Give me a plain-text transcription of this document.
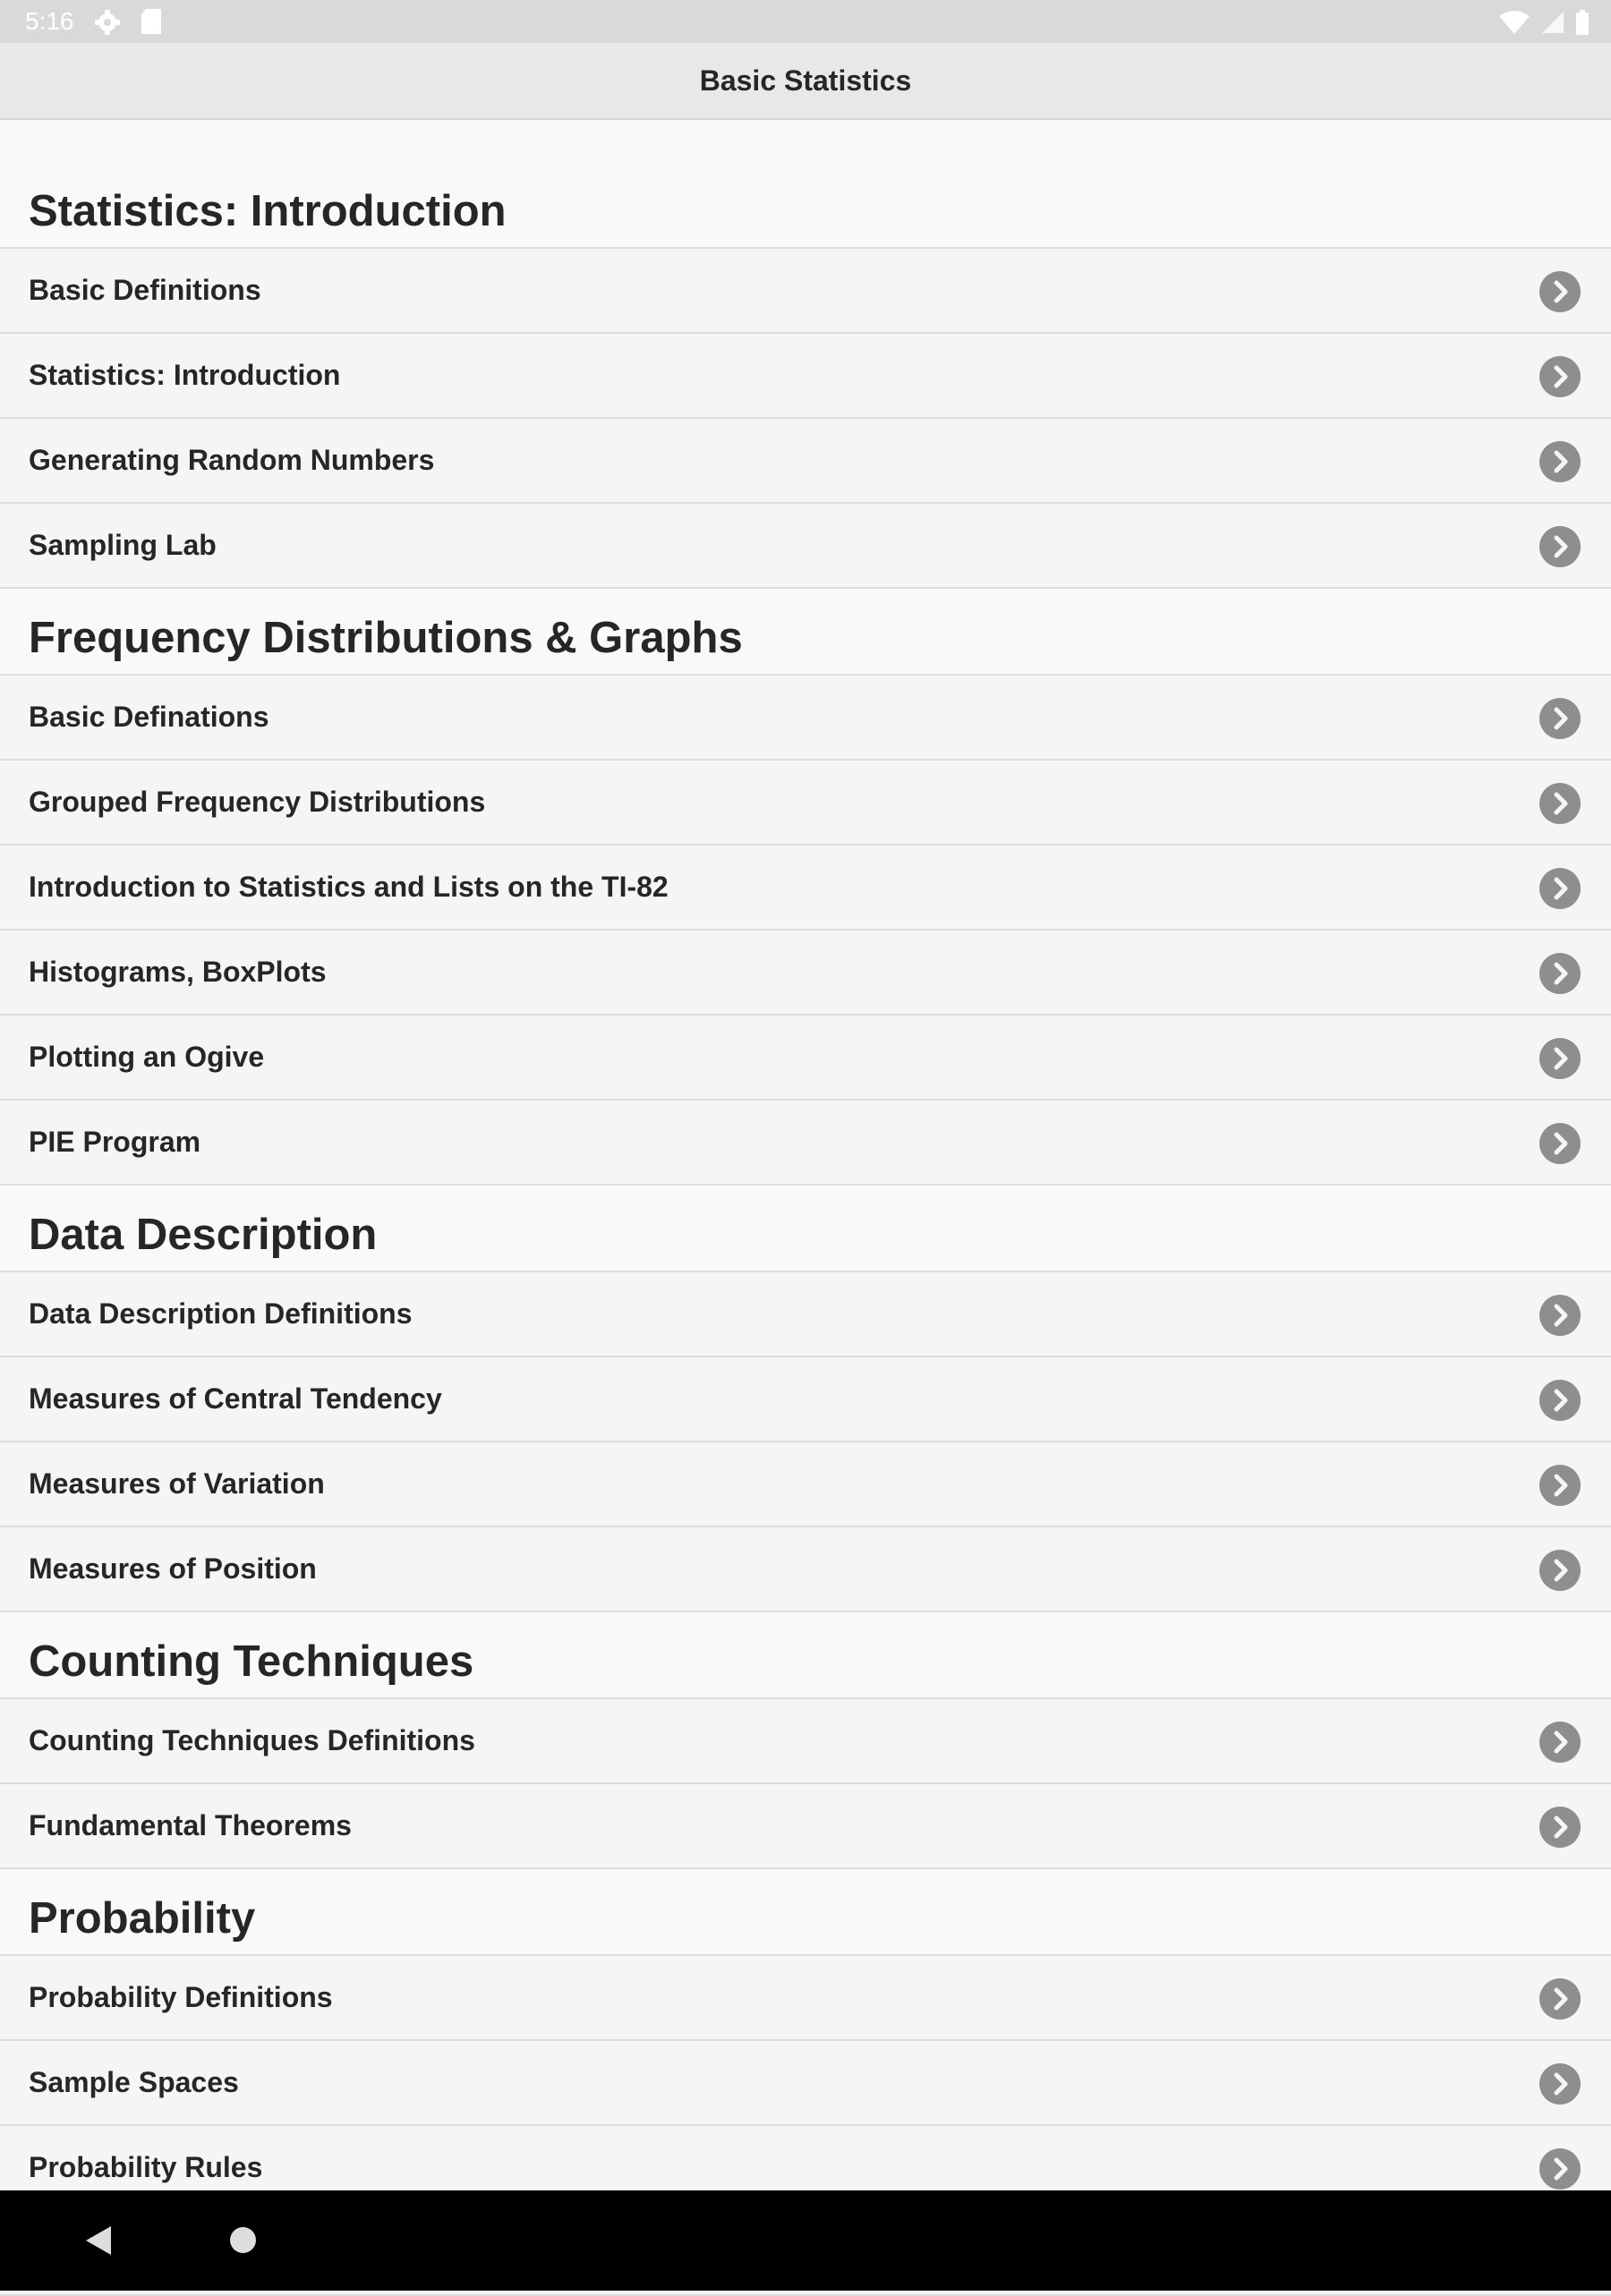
5:16
Basic Statistics
Statistics: Introduction
Basic Definitions
Statistics: Introduction
Generating Random Numbers
Sampling Lab
Frequency Distributions & Graphs
Basic Definations
Grouped Frequency Distributions
Introduction to Statistics and Lists on the TI-82
Histograms, BoxPlots
Plotting an Ogive
PIE Program
Data Description
Data Description Definitions
Measures of Central Tendency
Measures of Variation
Measures of Position
Counting Techniques
Counting Techniques Definitions
Fundamental Theorems
Probability
Probability Definitions
Sample Spaces
Probability Rules
